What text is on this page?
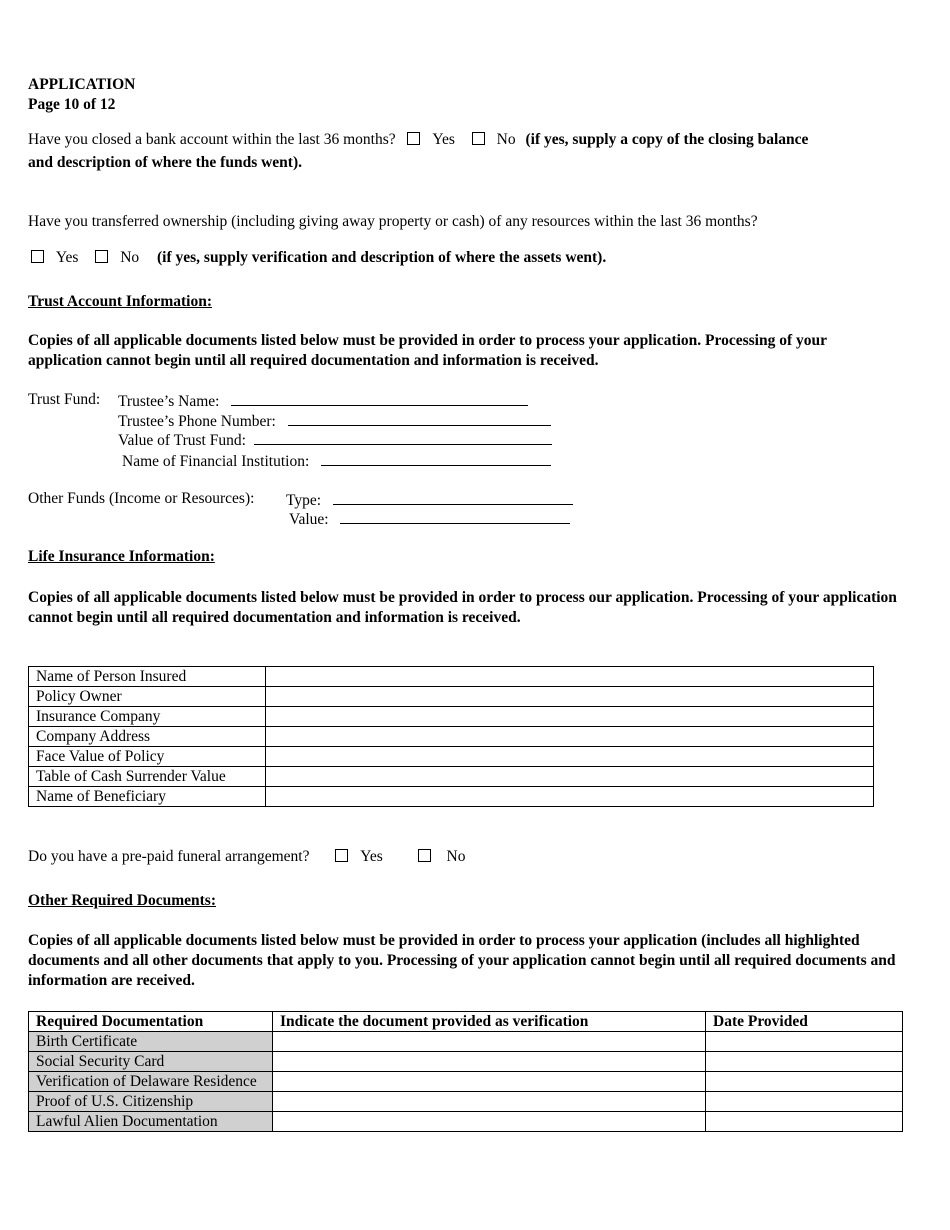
APPLICATION
Page 10 of 12
Have you closed a bank account within the last 36 months? Yes	No (if yes, supply a copy of the closing balance
and description of where the funds went).
Have you transferred ownership (including giving away property or cash) of any resources within the last 36 months?
Yes	No (if yes, supply verification and description of where the assets went).
Trust Account Information:
Copies of all applicable documents listed below must be provided in order to process your application. Processing of your application cannot begin until all required documentation and information is received.
Trust Fund: Trustee’s Name:
Trustee’s Phone Number:
Value of Trust Fund:
Name of Financial Institution:
Other Funds (Income or Resources): Type:
Value:
Life Insurance Information:
Copies of all applicable documents listed below must be provided in order to process our application. Processing of your application cannot begin until all required documentation and information is received.
Name of Person Insured	
Policy Owner	
Insurance Company	
Company Address	
Face Value of Policy	
Table of Cash Surrender Value	
Name of Beneficiary	
Do you have a pre-paid funeral arrangement?	Yes	No
Other Required Documents:
Copies of all applicable documents listed below must be provided in order to process your application (includes all highlighted documents and all other documents that apply to you. Processing of your application cannot begin until all required documents and information are received.
Required Documentation	Indicate the document provided as verification	Date Provided
Birth Certificate		
Social Security Card		
Verification of Delaware Residence		
Proof of U.S. Citizenship		
Lawful Alien Documentation		
